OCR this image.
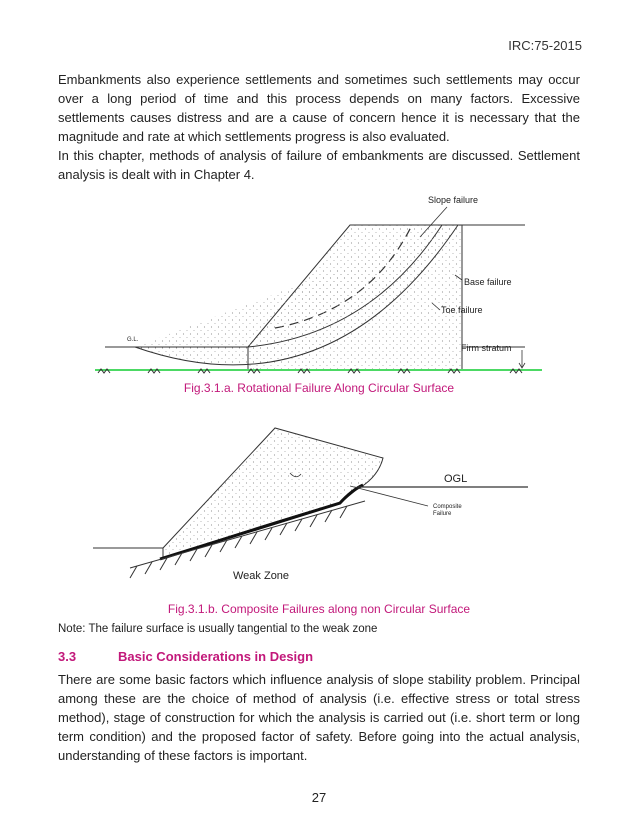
IRC:75-2015

Embankments also experience settlements and sometimes such settlements may occur over a long period of time and this process depends on many factors. Excessive settlements causes distress and are a cause of concern hence it is necessary that the magnitude and rate at which settlements progress is also evaluated.

In this chapter, methods of analysis of failure of embankments are discussed. Settlement analysis is dealt with in Chapter 4.

Slope failure
Base failure
Toe failure
Firm stratum
G.L.
Fig.3.1.a. Rotational Failure Along Circular Surface
OGL
Composite
Failure
Weak Zone
Fig.3.1.b. Composite Failures along non Circular Surface
Note: The failure surface is usually tangential to the weak zone
3.3	Basic Considerations in Design

There are some basic factors which influence analysis of slope stability problem. Principal among these are the choice of method of analysis (i.e. effective stress or total stress method), stage of construction for which the analysis is carried out (i.e. short term or long term condition) and the proposed factor of safety. Before going into the actual analysis, understanding of these factors is important.

27
